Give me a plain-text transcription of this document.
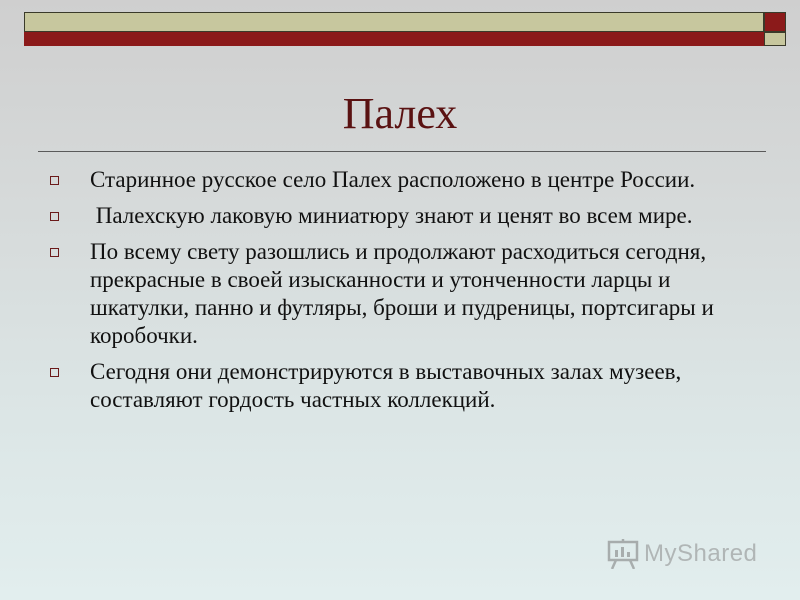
Палех
Старинное русское село Палех расположено в центре России.
Палехскую лаковую миниатюру знают и ценят во всем мире.
По всему свету разошлись и продолжают расходиться сегодня, прекрасные в своей изысканности и утонченности ларцы и шкатулки, панно и футляры, броши и пудреницы, портсигары и коробочки.
Сегодня они демонстрируются в выставочных залах музеев, составляют гордость частных коллекций.
MyShared
